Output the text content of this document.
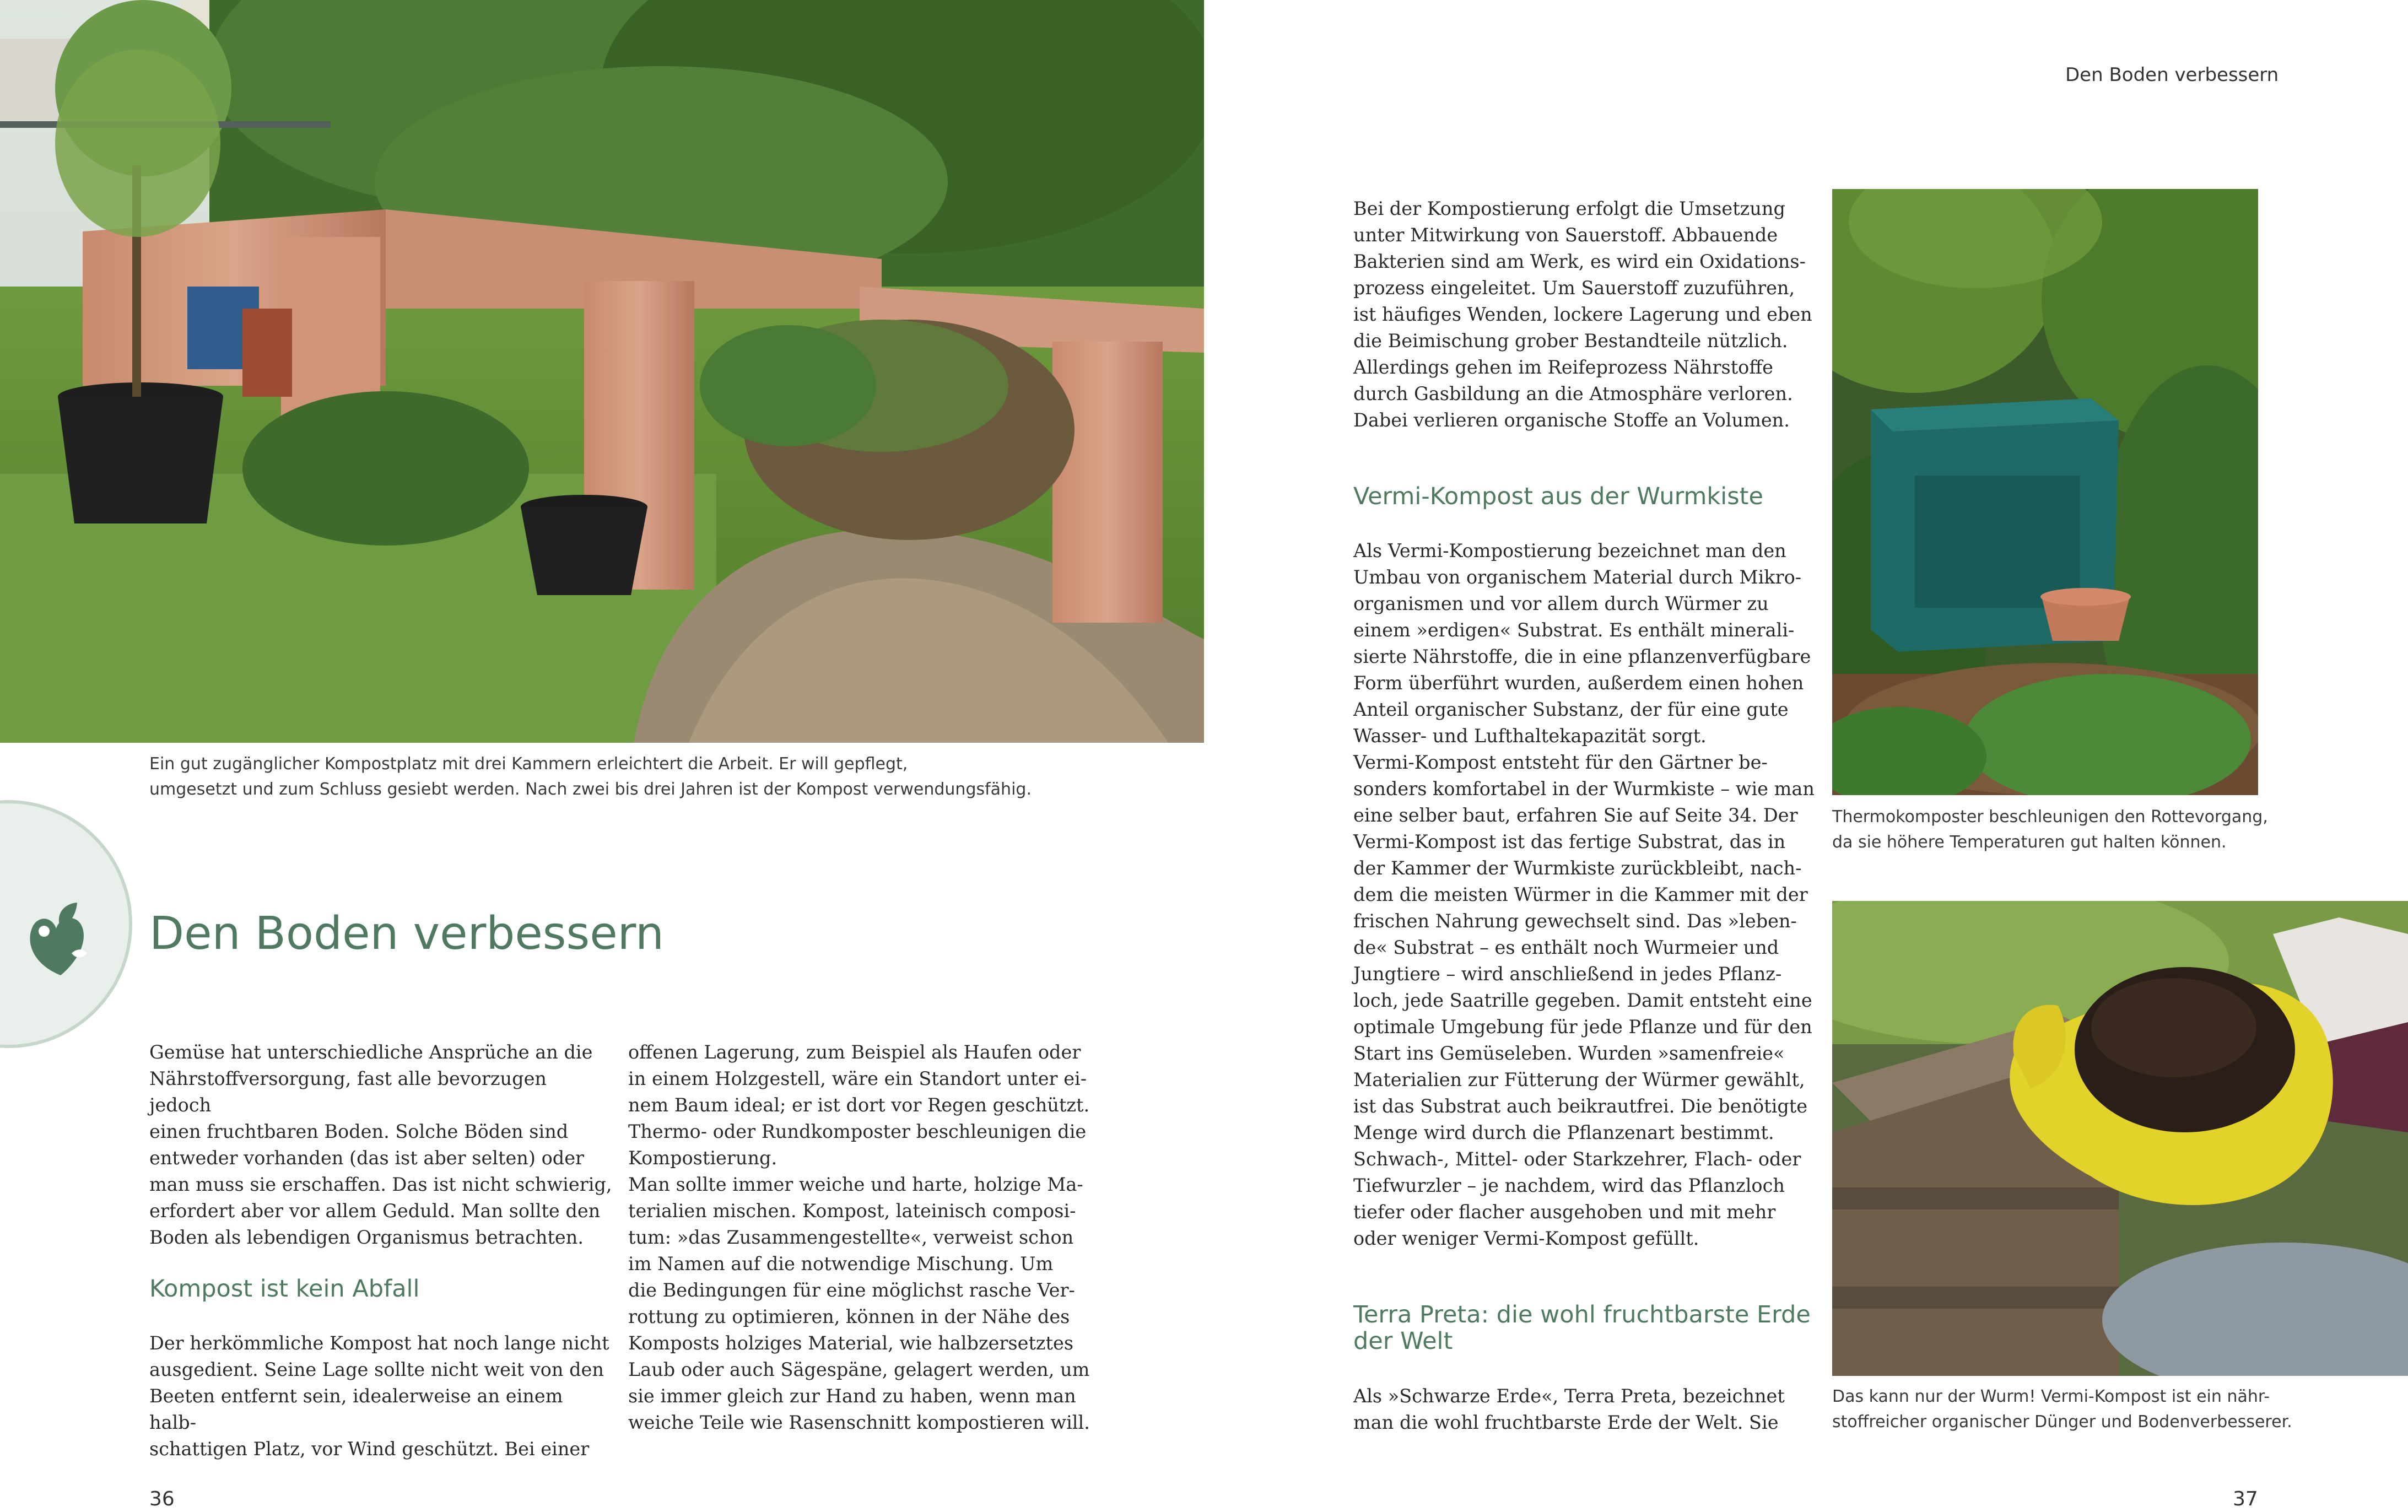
Ein gut zugänglicher Kompostplatz mit drei Kammern erleichtert die Arbeit. Er will gepflegt,
umgesetzt und zum Schluss gesiebt werden. Nach zwei bis drei Jahren ist der Kompost verwendungsfähig.
Den Boden verbessern
Gemüse hat unterschiedliche Ansprüche an die
Nährstoffversorgung, fast alle bevorzugen jedoch
einen fruchtbaren Boden. Solche Böden sind
entweder vorhanden (das ist aber selten) oder
man muss sie erschaffen. Das ist nicht schwierig,
erfordert aber vor allem Geduld. Man sollte den
Boden als lebendigen Organismus betrachten.
Kompost ist kein Abfall
Der herkömmliche Kompost hat noch lange nicht
ausgedient. Seine Lage sollte nicht weit von den
Beeten entfernt sein, idealerweise an einem halb-
schattigen Platz, vor Wind geschützt. Bei einer
offenen Lagerung, zum Beispiel als Haufen oder
in einem Holzgestell, wäre ein Standort unter ei-
nem Baum ideal; er ist dort vor Regen geschützt.
Thermo- oder Rundkomposter beschleunigen die
Kompostierung.
Man sollte immer weiche und harte, holzige Ma-
terialien mischen. Kompost, lateinisch composi-
tum: »das Zusammengestellte«, verweist schon
im Namen auf die notwendige Mischung. Um
die Bedingungen für eine möglichst rasche Ver-
rottung zu optimieren, können in der Nähe des
Komposts holziges Material, wie halbzersetztes
Laub oder auch Sägespäne, gelagert werden, um
sie immer gleich zur Hand zu haben, wenn man
weiche Teile wie Rasenschnitt kompostieren will.
36
Den Boden verbessern
Bei der Kompostierung erfolgt die Umsetzung
unter Mitwirkung von Sauerstoff. Abbauende
Bakterien sind am Werk, es wird ein Oxidations-
prozess eingeleitet. Um Sauerstoff zuzuführen,
ist häufiges Wenden, lockere Lagerung und eben
die Beimischung grober Bestandteile nützlich.
Allerdings gehen im Reifeprozess Nährstoffe
durch Gasbildung an die Atmosphäre verloren.
Dabei verlieren organische Stoffe an Volumen.
Vermi-Kompost aus der Wurmkiste
Als Vermi-Kompostierung bezeichnet man den
Umbau von organischem Material durch Mikro-
organismen und vor allem durch Würmer zu
einem »erdigen« Substrat. Es enthält minerali-
sierte Nährstoffe, die in eine pflanzenverfügbare
Form überführt wurden, außerdem einen hohen
Anteil organischer Substanz, der für eine gute
Wasser- und Lufthaltekapazität sorgt.
Vermi-Kompost entsteht für den Gärtner be-
sonders komfortabel in der Wurmkiste – wie man
eine selber baut, erfahren Sie auf Seite 34. Der
Vermi-Kompost ist das fertige Substrat, das in
der Kammer der Wurmkiste zurückbleibt, nach-
dem die meisten Würmer in die Kammer mit der
frischen Nahrung gewechselt sind. Das »leben-
de« Substrat – es enthält noch Wurmeier und
Jungtiere – wird anschließend in jedes Pflanz-
loch, jede Saatrille gegeben. Damit entsteht eine
optimale Umgebung für jede Pflanze und für den
Start ins Gemüseleben. Wurden »samenfreie«
Materialien zur Fütterung der Würmer gewählt,
ist das Substrat auch beikrautfrei. Die benötigte
Menge wird durch die Pflanzenart bestimmt.
Schwach-, Mittel- oder Starkzehrer, Flach- oder
Tiefwurzler – je nachdem, wird das Pflanzloch
tiefer oder flacher ausgehoben und mit mehr
oder weniger Vermi-Kompost gefüllt.
Terra Preta: die wohl fruchtbarste Erde
der Welt
Als »Schwarze Erde«, Terra Preta, bezeichnet
man die wohl fruchtbarste Erde der Welt. Sie
Thermokomposter beschleunigen den Rottevorgang,
da sie höhere Temperaturen gut halten können.
Das kann nur der Wurm! Vermi-Kompost ist ein nähr-
stoffreicher organischer Dünger und Bodenverbesserer.
37
